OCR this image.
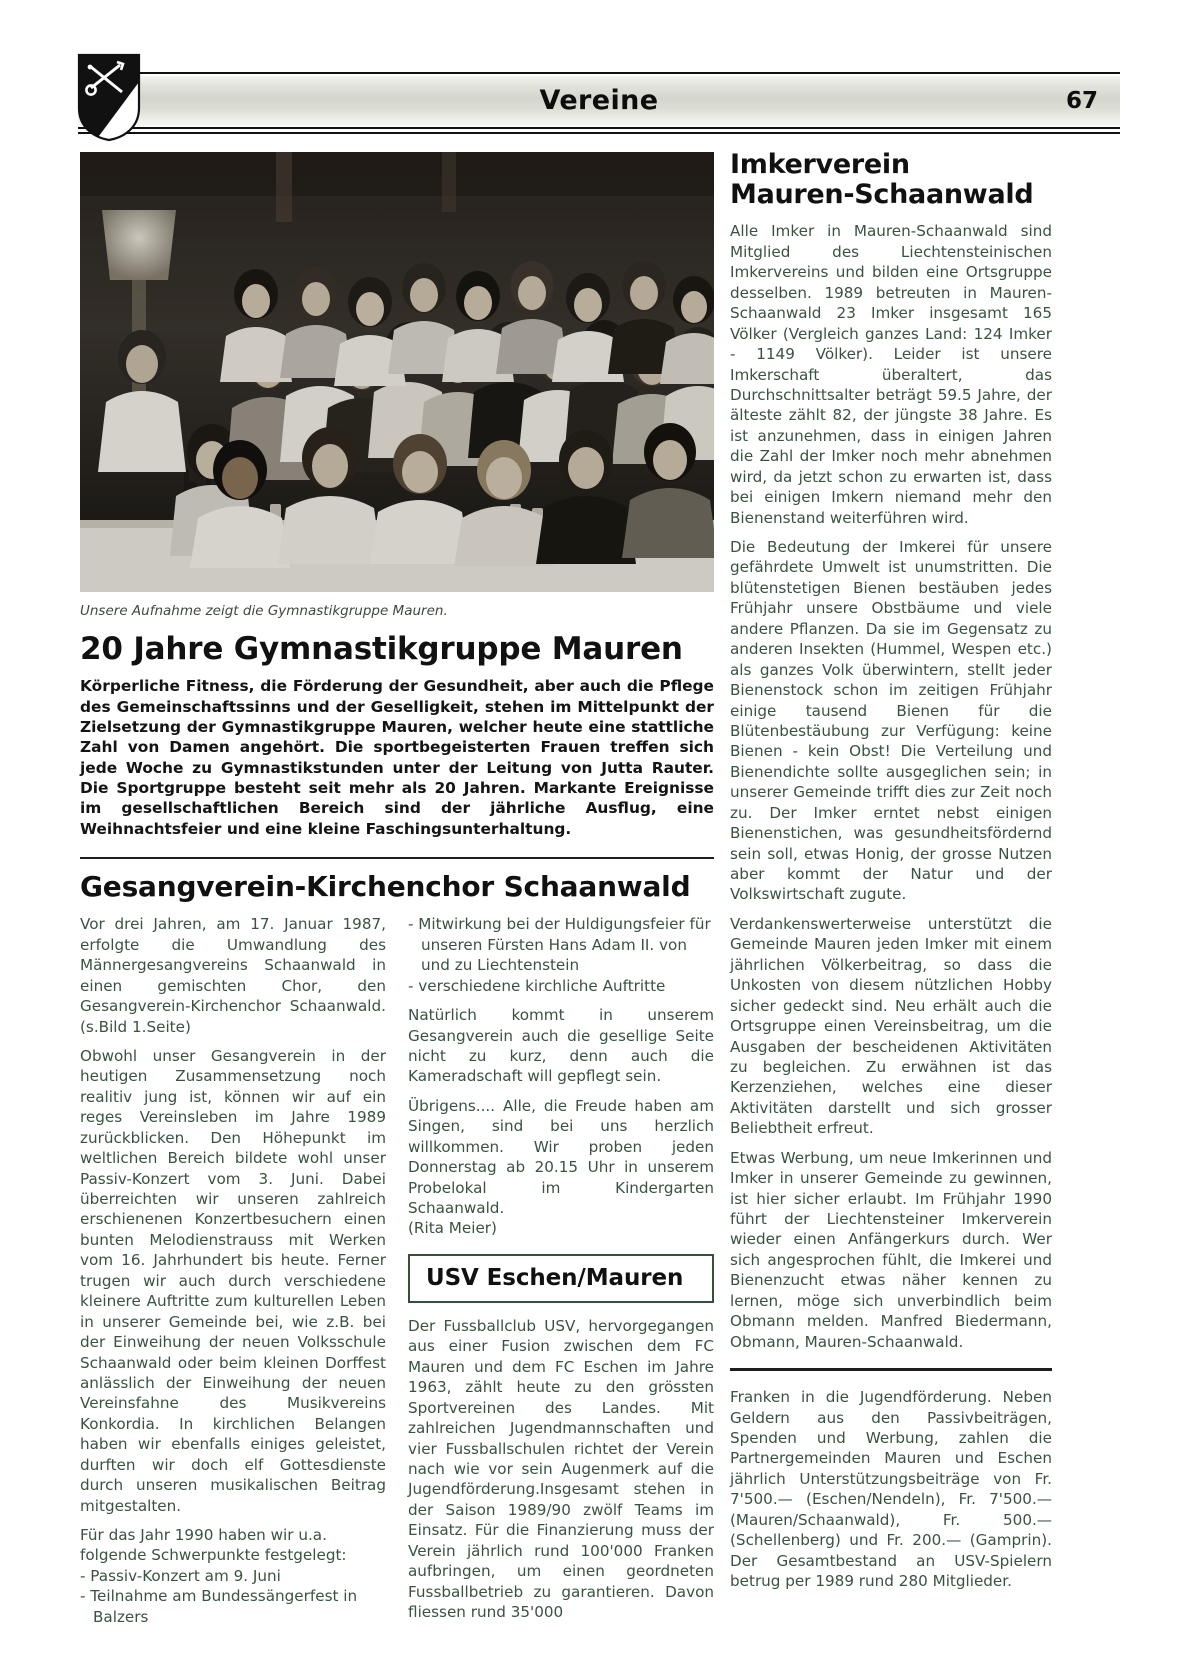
Vereine	67

Unsere Aufnahme zeigt die Gymnastikgruppe Mauren.

20 Jahre Gymnastikgruppe Mauren

Körperliche Fitness, die Förderung der Gesundheit, aber auch die Pflege des Gemeinschaftssinns und der Geselligkeit, stehen im Mittelpunkt der Zielsetzung der Gymnastikgruppe Mauren, welcher heute eine stattliche Zahl von Damen angehört. Die sportbegeisterten Frauen treffen sich jede Woche zu Gymnastikstunden unter der Leitung von Jutta Rauter. Die Sportgruppe besteht seit mehr als 20 Jahren. Markante Ereignisse im gesellschaftlichen Bereich sind der jährliche Ausflug, eine Weihnachtsfeier und eine kleine Faschingsunterhaltung.

Gesangverein-Kirchenchor Schaanwald

Vor drei Jahren, am 17. Januar 1987, erfolgte die Umwandlung des Männergesangvereins Schaanwald in einen gemischten Chor, den Gesangverein-Kirchenchor Schaanwald. (s.Bild 1.Seite)

Obwohl unser Gesangverein in der heutigen Zusammensetzung noch realitiv jung ist, können wir auf ein reges Vereinsleben im Jahre 1989 zurückblicken. Den Höhepunkt im weltlichen Bereich bildete wohl unser Passiv-Konzert vom 3. Juni. Dabei überreichten wir unseren zahlreich erschienenen Konzertbesuchern einen bunten Melodienstrauss mit Werken vom 16. Jahrhundert bis heute. Ferner trugen wir auch durch verschiedene kleinere Auftritte zum kulturellen Leben in unserer Gemeinde bei, wie z.B. bei der Einweihung der neuen Volksschule Schaanwald oder beim kleinen Dorffest anlässlich der Einweihung der neuen Vereinsfahne des Musikvereins Konkordia. In kirchlichen Belangen haben wir ebenfalls einiges geleistet, durften wir doch elf Gottesdienste durch unseren musikalischen Beitrag mitgestalten.

Für das Jahr 1990 haben wir u.a. folgende Schwerpunkte festgelegt:

- Passiv-Konzert am 9. Juni

- Teilnahme am Bundessängerfest in Balzers

- Mitwirkung bei der Huldigungsfeier für unseren Fürsten Hans Adam II. von und zu Liechtenstein

- verschiedene kirchliche Auftritte

Natürlich kommt in unserem Gesangverein auch die gesellige Seite nicht zu kurz, denn auch die Kameradschaft will gepflegt sein.

Übrigens.... Alle, die Freude haben am Singen, sind bei uns herzlich willkommen. Wir proben jeden Donnerstag ab 20.15 Uhr in unserem Probelokal im Kindergarten Schaanwald.

(Rita Meier)

USV Eschen/Mauren

Der Fussballclub USV, hervorgegangen aus einer Fusion zwischen dem FC Mauren und dem FC Eschen im Jahre 1963, zählt heute zu den grössten Sportvereinen des Landes. Mit zahlreichen Jugendmannschaften und vier Fussballschulen richtet der Verein nach wie vor sein Augenmerk auf die Jugendförderung.Insgesamt stehen in der Saison 1989/90 zwölf Teams im Einsatz. Für die Finanzierung muss der Verein jährlich rund 100'000 Franken aufbringen, um einen geordneten Fussballbetrieb zu garantieren. Davon fliessen rund 35'000

Imkerverein
Mauren-Schaanwald

Alle Imker in Mauren-Schaanwald sind Mitglied des Liechtensteinischen Imkervereins und bilden eine Ortsgruppe desselben. 1989 betreuten in Mauren-Schaanwald 23 Imker insgesamt 165 Völker (Vergleich ganzes Land: 124 Imker - 1149 Völker). Leider ist unsere Imkerschaft überaltert, das Durchschnittsalter beträgt 59.5 Jahre, der älteste zählt 82, der jüngste 38 Jahre. Es ist anzunehmen, dass in einigen Jahren die Zahl der Imker noch mehr abnehmen wird, da jetzt schon zu erwarten ist, dass bei einigen Imkern niemand mehr den Bienenstand weiterführen wird.

Die Bedeutung der Imkerei für unsere gefährdete Umwelt ist unumstritten. Die blütenstetigen Bienen bestäuben jedes Frühjahr unsere Obstbäume und viele andere Pflanzen. Da sie im Gegensatz zu anderen Insekten (Hummel, Wespen etc.) als ganzes Volk überwintern, stellt jeder Bienenstock schon im zeitigen Frühjahr einige tausend Bienen für die Blütenbestäubung zur Verfügung: keine Bienen - kein Obst! Die Verteilung und Bienendichte sollte ausgeglichen sein; in unserer Gemeinde trifft dies zur Zeit noch zu. Der Imker erntet nebst einigen Bienenstichen, was gesundheitsfördernd sein soll, etwas Honig, der grosse Nutzen aber kommt der Natur und der Volkswirtschaft zugute.

Verdankenswerterweise unterstützt die Gemeinde Mauren jeden Imker mit einem jährlichen Völkerbeitrag, so dass die Unkosten von diesem nützlichen Hobby sicher gedeckt sind. Neu erhält auch die Ortsgruppe einen Vereinsbeitrag, um die Ausgaben der bescheidenen Aktivitäten zu begleichen. Zu erwähnen ist das Kerzenziehen, welches eine dieser Aktivitäten darstellt und sich grosser Beliebtheit erfreut.

Etwas Werbung, um neue Imkerinnen und Imker in unserer Gemeinde zu gewinnen, ist hier sicher erlaubt. Im Frühjahr 1990 führt der Liechtensteiner Imkerverein wieder einen Anfängerkurs durch. Wer sich angesprochen fühlt, die Imkerei und Bienenzucht etwas näher kennen zu lernen, möge sich unverbindlich beim Obmann melden. Manfred Biedermann, Obmann, Mauren-Schaanwald.

Franken in die Jugendförderung. Neben Geldern aus den Passivbeiträgen, Spenden und Werbung, zahlen die Partnergemeinden Mauren und Eschen jährlich Unterstützungsbeiträge von Fr. 7'500.— (Eschen/Nendeln), Fr. 7'500.— (Mauren/Schaanwald), Fr. 500.— (Schellenberg) und Fr. 200.— (Gamprin). Der Gesamtbestand an USV-Spielern betrug per 1989 rund 280 Mitglieder.
